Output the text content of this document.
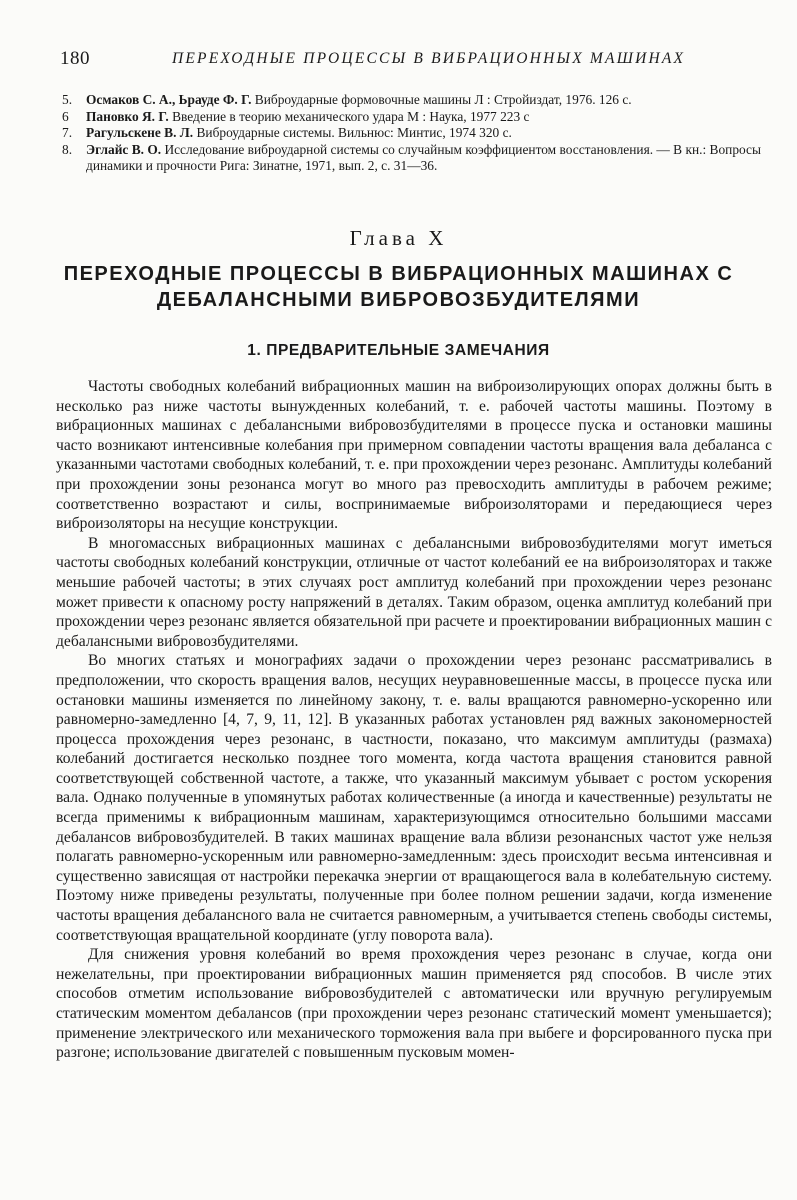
180	ПЕРЕХОДНЫЕ ПРОЦЕССЫ В ВИБРАЦИОННЫХ МАШИНАХ
5.	Осмаков С. А., Ьрауде Ф. Г. Виброударные формовочные машины Л : Стройиздат, 1976. 126 с.
6	Пановко Я. Г. Введение в теорию механического удара М : Наука, 1977 223 с
7.	Рагульскене В. Л. Виброударные системы. Вильнюс: Минтис, 1974 320 с.
8.	Эглайс В. О. Исследование виброударной системы со случайным коэффициентом восстановления. — В кн.: Вопросы динамики и прочности Рига: Зинатне, 1971, вып. 2, с. 31—36.
Глава X
ПЕРЕХОДНЫЕ ПРОЦЕССЫ В ВИБРАЦИОННЫХ МАШИНАХ С ДЕБАЛАНСНЫМИ ВИБРОВОЗБУДИТЕЛЯМИ
1. ПРЕДВАРИТЕЛЬНЫЕ ЗАМЕЧАНИЯ

Частоты свободных колебаний вибрационных машин на виброизолирующих опорах должны быть в несколько раз ниже частоты вынужденных колебаний, т. е. рабочей частоты машины. Поэтому в вибрационных машинах с дебалансными вибровозбудителями в процессе пуска и остановки машины часто возникают интенсивные колебания при примерном совпадении частоты вращения вала дебаланса с указанными частотами свободных колебаний, т. е. при прохождении через резонанс. Амплитуды колебаний при прохождении зоны резонанса могут во много раз превосходить амплитуды в рабочем режиме; соответственно возрастают и силы, воспринимаемые виброизоляторами и передающиеся через виброизоляторы на несущие конструкции.

В многомассных вибрационных машинах с дебалансными вибровозбудителями могут иметься частоты свободных колебаний конструкции, отличные от частот колебаний ее на виброизоляторах и также меньшие рабочей частоты; в этих случаях рост амплитуд колебаний при прохождении через резонанс может привести к опасному росту напряжений в деталях. Таким образом, оценка амплитуд колебаний при прохождении через резонанс является обязательной при расчете и проектировании вибрационных машин с дебалансными вибровозбудителями.

Во многих статьях и монографиях задачи о прохождении через резонанс рассматривались в предположении, что скорость вращения валов, несущих неуравновешенные массы, в процессе пуска или остановки машины изменяется по линейному закону, т. е. валы вращаются равномерно-ускоренно или равномерно-замедленно [4, 7, 9, 11, 12]. В указанных работах установлен ряд важных закономерностей процесса прохождения через резонанс, в частности, показано, что максимум амплитуды (размаха) колебаний достигается несколько позднее того момента, когда частота вращения становится равной соответствующей собственной частоте, а также, что указанный максимум убывает с ростом ускорения вала. Однако полученные в упомянутых работах количественные (а иногда и качественные) результаты не всегда применимы к вибрационным машинам, характеризующимся относительно большими массами дебалансов вибровозбудителей. В таких машинах вращение вала вблизи резонансных частот уже нельзя полагать равномерно-ускоренным или равномерно-замедленным: здесь происходит весьма интенсивная и существенно зависящая от настройки перекачка энергии от вращающегося вала в колебательную систему. Поэтому ниже приведены результаты, полученные при более полном решении задачи, когда изменение частоты вращения дебалансного вала не считается равномерным, а учитывается степень свободы системы, соответствующая вращательной координате (углу поворота вала).

Для снижения уровня колебаний во время прохождения через резонанс в случае, когда они нежелательны, при проектировании вибрационных машин применяется ряд способов. В числе этих способов отметим использование вибровозбудителей с автоматически или вручную регулируемым статическим моментом дебалансов (при прохождении через резонанс статический момент уменьшается); применение электрического или механического торможения вала при выбеге и форсированного пуска при разгоне; использование двигателей с повышенным пусковым момен-
